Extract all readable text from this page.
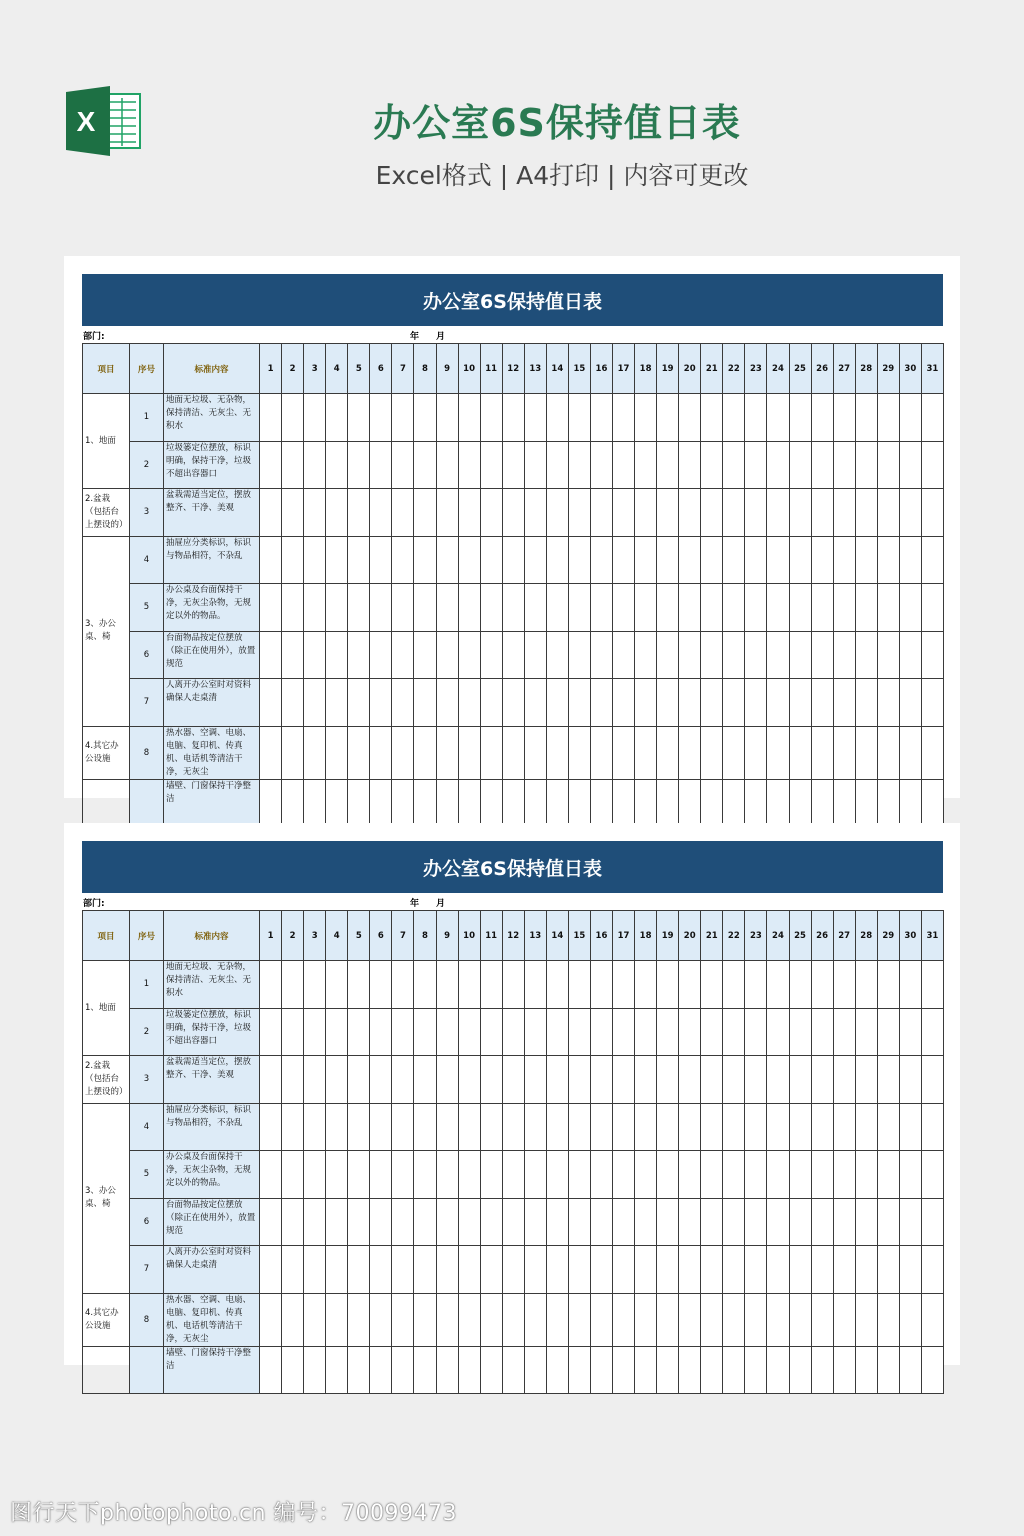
X	办公室6S保持值日表
Excel格式 | A4打印 | 内容可更改
办公室6S保持值日表
部门:	年 月
项目	序号	标准内容	1	2	3	4	5	6	7	8	9	10	11	12	13	14	15	16	17	18	19	20	21	22	23	24	25	26	27	28	29	30	31
1、地面	1	地面无垃圾、无杂物，保持清洁、无灰尘、无积水																															
	2	垃圾篓定位摆放，标识明确，保持干净，垃圾不超出容器口																															
2.盆栽（包括台上摆设的）	3	盆栽需适当定位，摆放整齐、干净、美观																															
3、办公桌、椅	4	抽屉应分类标识，标识与物品相符，不杂乱																															
	5	办公桌及台面保持干净，无灰尘杂物，无规定以外的物品。																															
	6	台面物品按定位摆放（除正在使用外），放置规范																															
	7	人离开办公室时对资料确保人走桌清																															
4.其它办公设施	8	热水器、空调、电扇、电脑、复印机、传真机、电话机等清洁干净，无灰尘																															
		墙壁、门窗保持干净整洁																															
办公室6S保持值日表
部门:	年 月
项目	序号	标准内容	1	2	3	4	5	6	7	8	9	10	11	12	13	14	15	16	17	18	19	20	21	22	23	24	25	26	27	28	29	30	31
1、地面	1	地面无垃圾、无杂物，保持清洁、无灰尘、无积水																															
	2	垃圾篓定位摆放，标识明确，保持干净，垃圾不超出容器口																															
2.盆栽（包括台上摆设的）	3	盆栽需适当定位，摆放整齐、干净、美观																															
3、办公桌、椅	4	抽屉应分类标识，标识与物品相符，不杂乱																															
	5	办公桌及台面保持干净，无灰尘杂物，无规定以外的物品。																															
	6	台面物品按定位摆放（除正在使用外），放置规范																															
	7	人离开办公室时对资料确保人走桌清																															
4.其它办公设施	8	热水器、空调、电扇、电脑、复印机、传真机、电话机等清洁干净，无灰尘																															
		墙壁、门窗保持干净整洁																															
图行天下photophoto.cn 编号：70099473
